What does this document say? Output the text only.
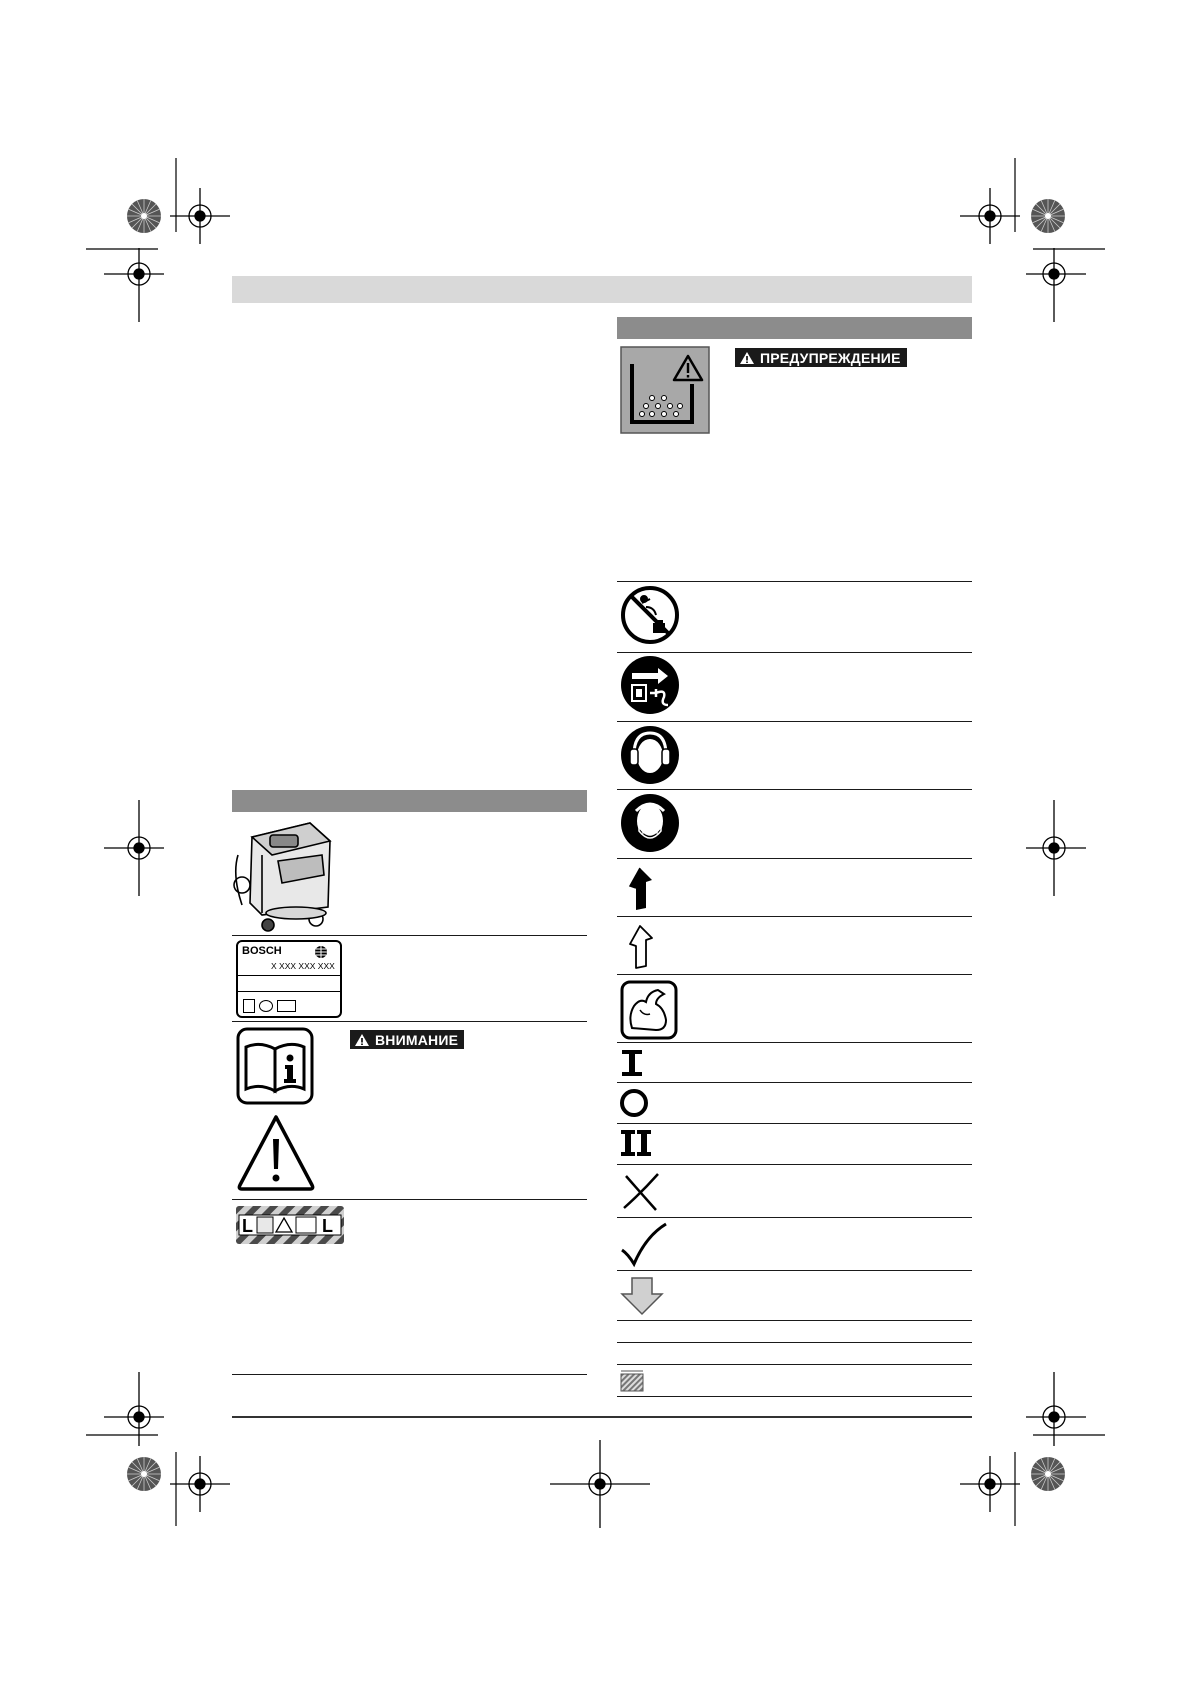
BOSCH
X XXX XXX XXX
ВНИМАНИЕ
L	L
ПРЕДУПРЕЖДЕНИЕ
